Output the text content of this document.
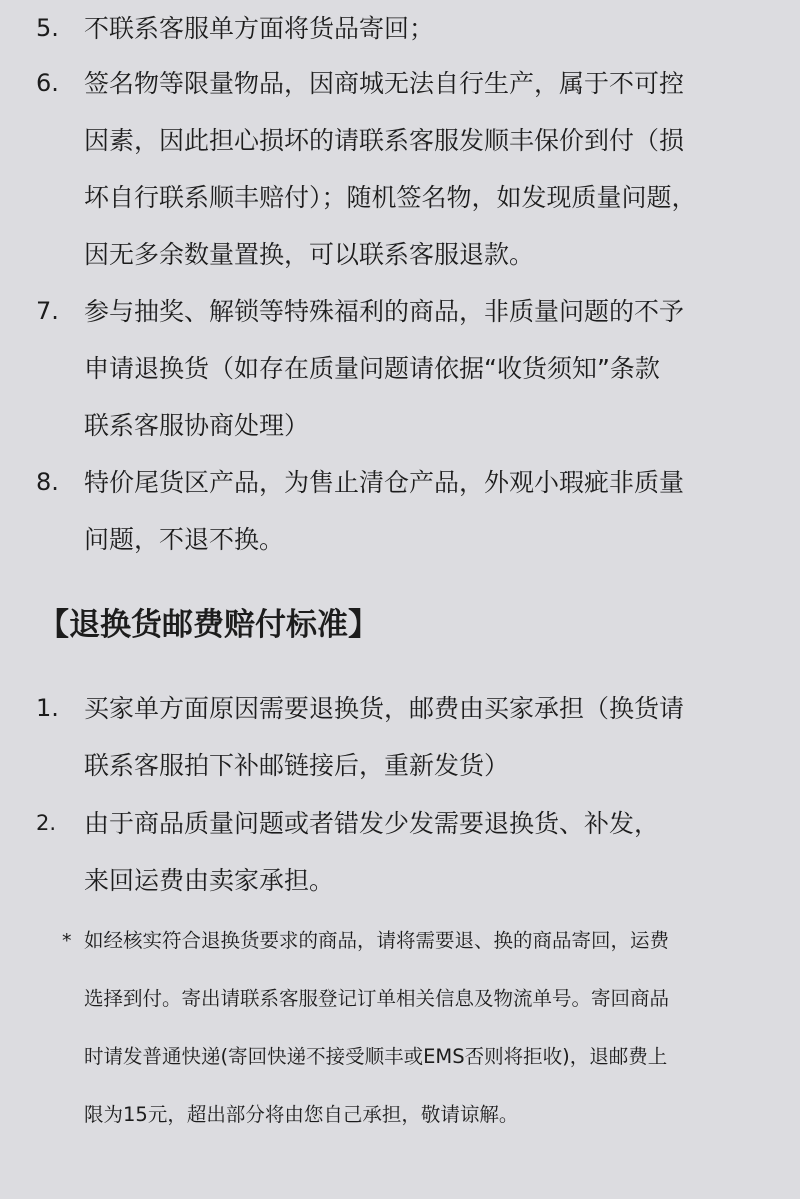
5. 不联系客服单方面将货品寄回；
6. 签名物等限量物品，因商城无法自行生产，属于不可控
因素，因此担心损坏的请联系客服发顺丰保价到付（损
坏自行联系顺丰赔付）；随机签名物，如发现质量问题，
因无多余数量置换，可以联系客服退款。
7. 参与抽奖、解锁等特殊福利的商品，非质量问题的不予
申请退换货（如存在质量问题请依据“收货须知”条款
联系客服协商处理）
8. 特价尾货区产品，为售止清仓产品，外观小瑕疵非质量
问题，不退不换。
【退换货邮费赔付标准】
1. 买家单方面原因需要退换货，邮费由买家承担（换货请
联系客服拍下补邮链接后，重新发货）
2. 由于商品质量问题或者错发少发需要退换货、补发，
来回运费由卖家承担。
* 如经核实符合退换货要求的商品，请将需要退、换的商品寄回，运费
选择到付。寄出请联系客服登记订单相关信息及物流单号。寄回商品
时请发普通快递(寄回快递不接受顺丰或EMS否则将拒收)，退邮费上
限为15元，超出部分将由您自己承担，敬请谅解。
